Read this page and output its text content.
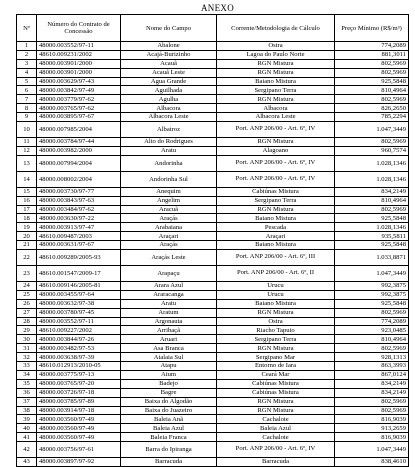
ANEXO
Nº	Número do Contrato de Concessão	Nome do Campo	Corrente/Metodologia de Cálculo	Preço Mínimo (R$/m³)
1	48000.003552/97-11	Abalone	Ostra	774,2089
2	48610.009231/2002	Acajá-Burizinho	Lagoa do Paulo Norte	881,3011
3	48000.003901/2000	Acauã	RGN Mistura	802,5969
4	48000.003901/2000	Acauã Leste	RGN Mistura	802,5969
5	48000.003629/97-43	Água Grande	Baiano Mistura	925,5848
6	48000.003842/97-49	Aguilhada	Sergipano Terra	810,4964
7	48000.003779/97-62	Agulha	RGN Mistura	802,5969
8	48000.003765/97-62	Albacora	Albacora	826,2650
9	48000.003895/97-67	Albacora Leste	Albacora Leste	785,2294
10	48000.007985/2004	Albatroz	Port. ANP 206/00 - Art. 6º, IV	1.047,3449
11	48000.003784/97-44	Alto do Rodrigues	RGN Mistura	802,5969
12	48000.003982/2000	Aratu	Alagoano	960,7574
13	48000.007994/2004	Andorinha	Port. ANP 206/00 - Art. 6º, IV	1.028,1346
14	48000.008002/2004	Andorinha Sul	Port. ANP 206/00 - Art. 6º, IV	1.028,1346
15	48000.003730/97-77	Anequim	Cabiúnas Mistura	834,2149
16	48000.003843/97-63	Angelim	Sergipano Terra	810,4964
17	48000.003484/97-62	Aracuã	RGN Mistura	802,5969
18	48000.003630/97-22	Araçás	Baiano Mistura	925,5848
19	48000.003913/97-47	Arabaiana	Pescada	1.028,1346
20	48610.009487/2003	Araçari	Araçari	935,5811
21	48000.003631/97-67	Araçás	Baiano Mistura	925,5848
22	48610.009289/2005-93	Araçás Leste	Port. ANP 206/00 - Art. 6º, III	1.033,8871
23	48610.001547/2009-17	Arapaçu	Port. ANP 206/00 - Art. 6º, II	1.047,3449
24	48610.009146/2005-81	Arara Azul	Urucu	992,3875
25	48000.003455/97-64	Araracanga	Urucu	992,3875
26	48000.003632/97-38	Aratu	Baiano Mistura	925,5848
27	48000.003780/97-45	Aratum	RGN Mistura	802,5969
28	48000.003552/97-11	Argonauta	Ostra	774,2089
29	48610.009227/2002	Arribaçã	Riacho Tapuio	923,0485
30	48000.003844/97-26	Aruari	Sergipano Terra	810,4964
31	48000.003482/97-53	Asa Branca	RGN Mistura	802,5969
32	48000.003638/97-39	Atalaia Sul	Sergipano Mar	928,1313
33	48610.012913/2010-05	Atapu	Entorno de Iara	863,3993
34	48000.003775/97-13	Atum	Ceará Mar	867,0124
35	48000.003765/97-20	Badejo	Cabiúnas Mistura	834,2149
36	48000.003726/97-18	Bagre	Cabiúnas Mistura	834,2149
37	48000.003785/97-89	Baixa do Algodão	RGN Mistura	802,5969
38	48000.003914/97-18	Baixa do Juazeiro	RGN Mistura	802,5969
39	48000.003560/97-49	Baleia Anã	Cachalote	816,9039
40	48000.003560/97-49	Baleia Azul	Baleia Azul	913,2659
41	48000.003560/97-49	Baleia Franca	Cachalote	816,9039
42	48000.003756/97-61	Barra do Ipiranga	Port. ANP 206/00 - Art. 6º, IV	1.047,3449
43	48000.003897/97-92	Barracuda	Barracuda	838,4610
